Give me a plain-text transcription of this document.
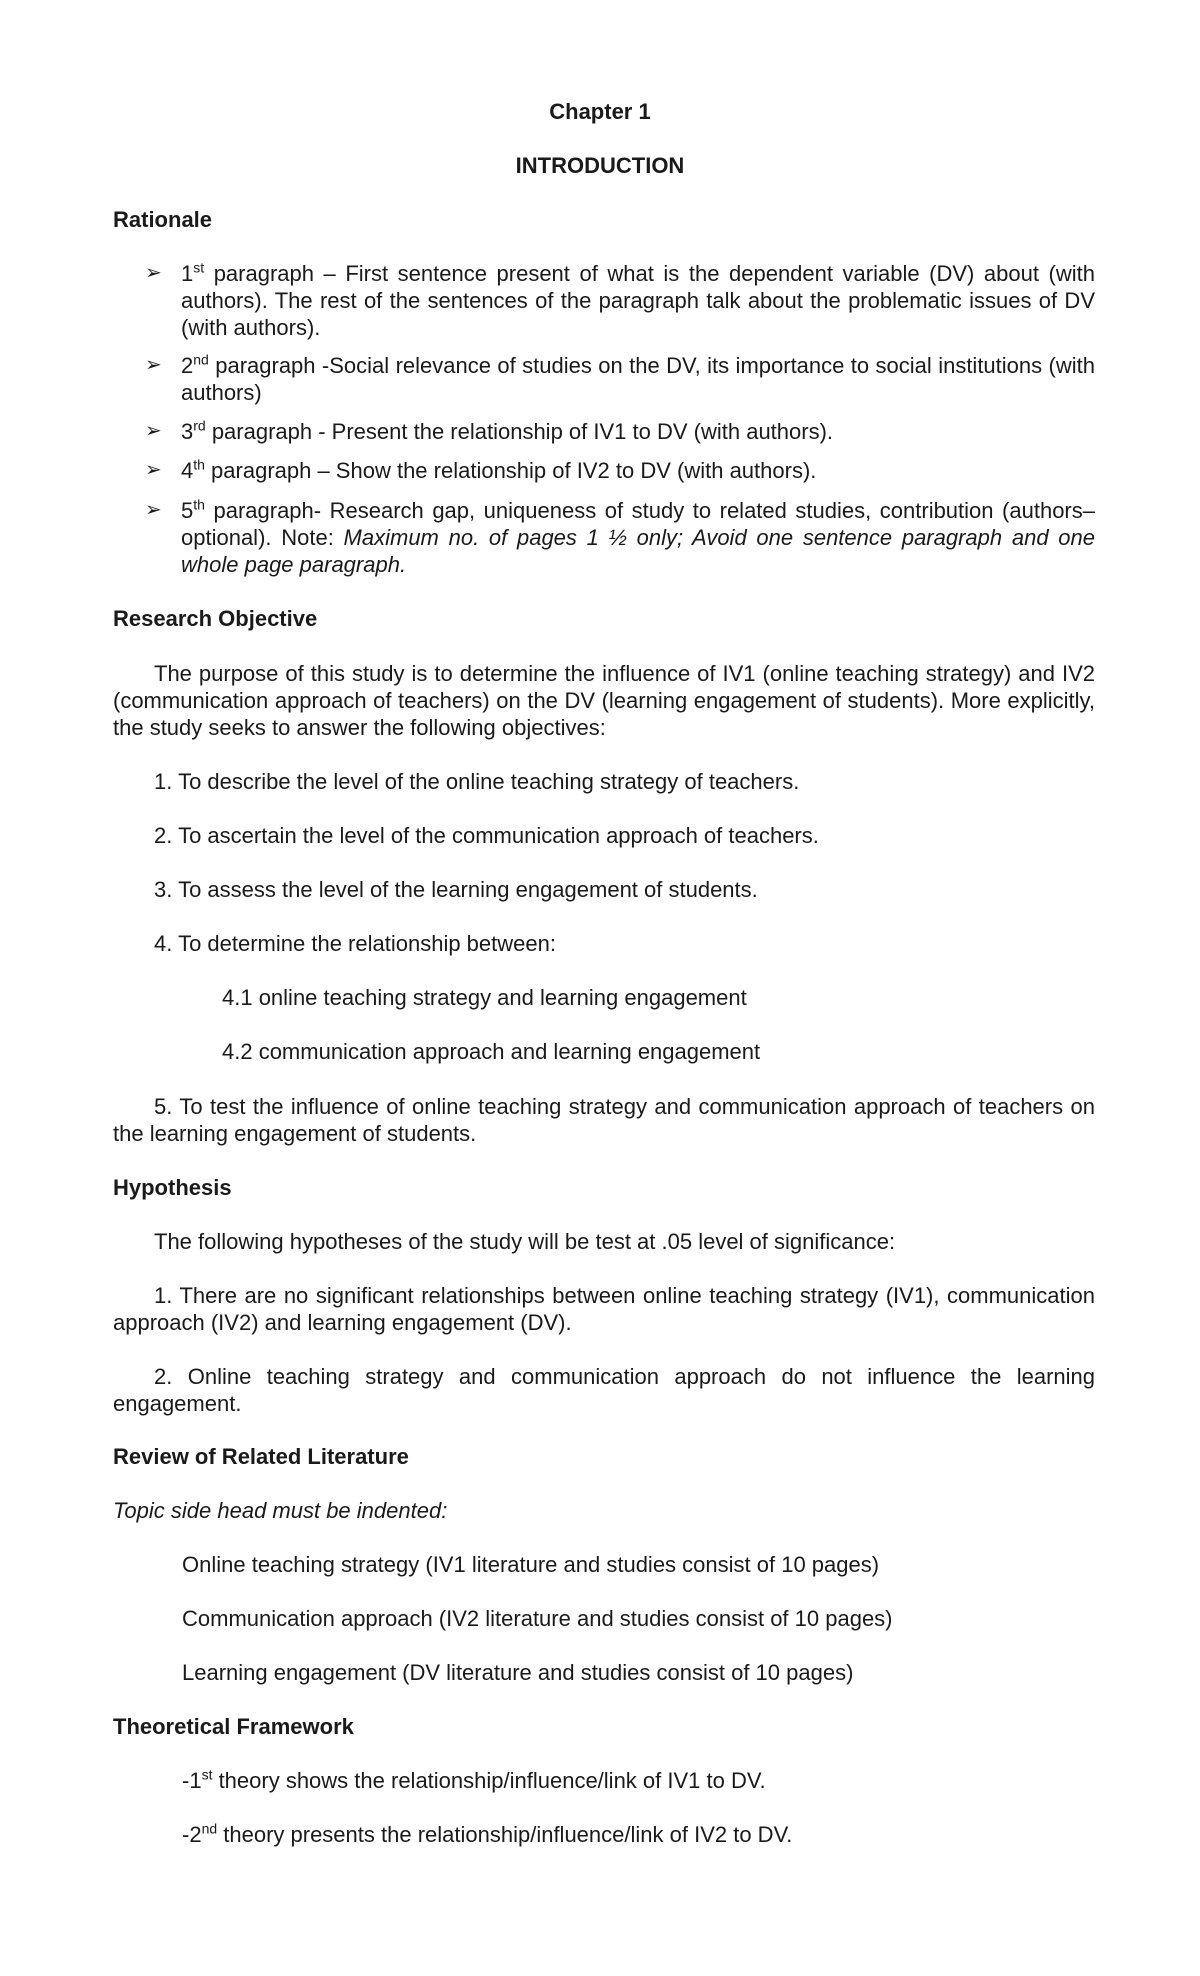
Chapter 1
INTRODUCTION
Rationale
➢ 1st paragraph – First sentence present of what is the dependent variable (DV) about (with authors). The rest of the sentences of the paragraph talk about the problematic issues of DV (with authors).
➢ 2nd paragraph -Social relevance of studies on the DV, its importance to social institutions (with authors)
➢ 3rd paragraph - Present the relationship of IV1 to DV (with authors).
➢ 4th paragraph – Show the relationship of IV2 to DV (with authors).
➢ 5th paragraph- Research gap, uniqueness of study to related studies, contribution (authors–optional). Note: Maximum no. of pages 1 ½ only; Avoid one sentence paragraph and one whole page paragraph.
Research Objective
The purpose of this study is to determine the influence of IV1 (online teaching strategy) and IV2 (communication approach of teachers) on the DV (learning engagement of students). More explicitly, the study seeks to answer the following objectives:
1. To describe the level of the online teaching strategy of teachers.
2. To ascertain the level of the communication approach of teachers.
3. To assess the level of the learning engagement of students.
4. To determine the relationship between:
4.1 online teaching strategy and learning engagement
4.2 communication approach and learning engagement
5. To test the influence of online teaching strategy and communication approach of teachers on the learning engagement of students.
Hypothesis
The following hypotheses of the study will be test at .05 level of significance:
1. There are no significant relationships between online teaching strategy (IV1), communication approach (IV2) and learning engagement (DV).
2. Online teaching strategy and communication approach do not influence the learning engagement.
Review of Related Literature
Topic side head must be indented:
Online teaching strategy (IV1 literature and studies consist of 10 pages)
Communication approach (IV2 literature and studies consist of 10 pages)
Learning engagement (DV literature and studies consist of 10 pages)
Theoretical Framework
-1st theory shows the relationship/influence/link of IV1 to DV.
-2nd theory presents the relationship/influence/link of IV2 to DV.
